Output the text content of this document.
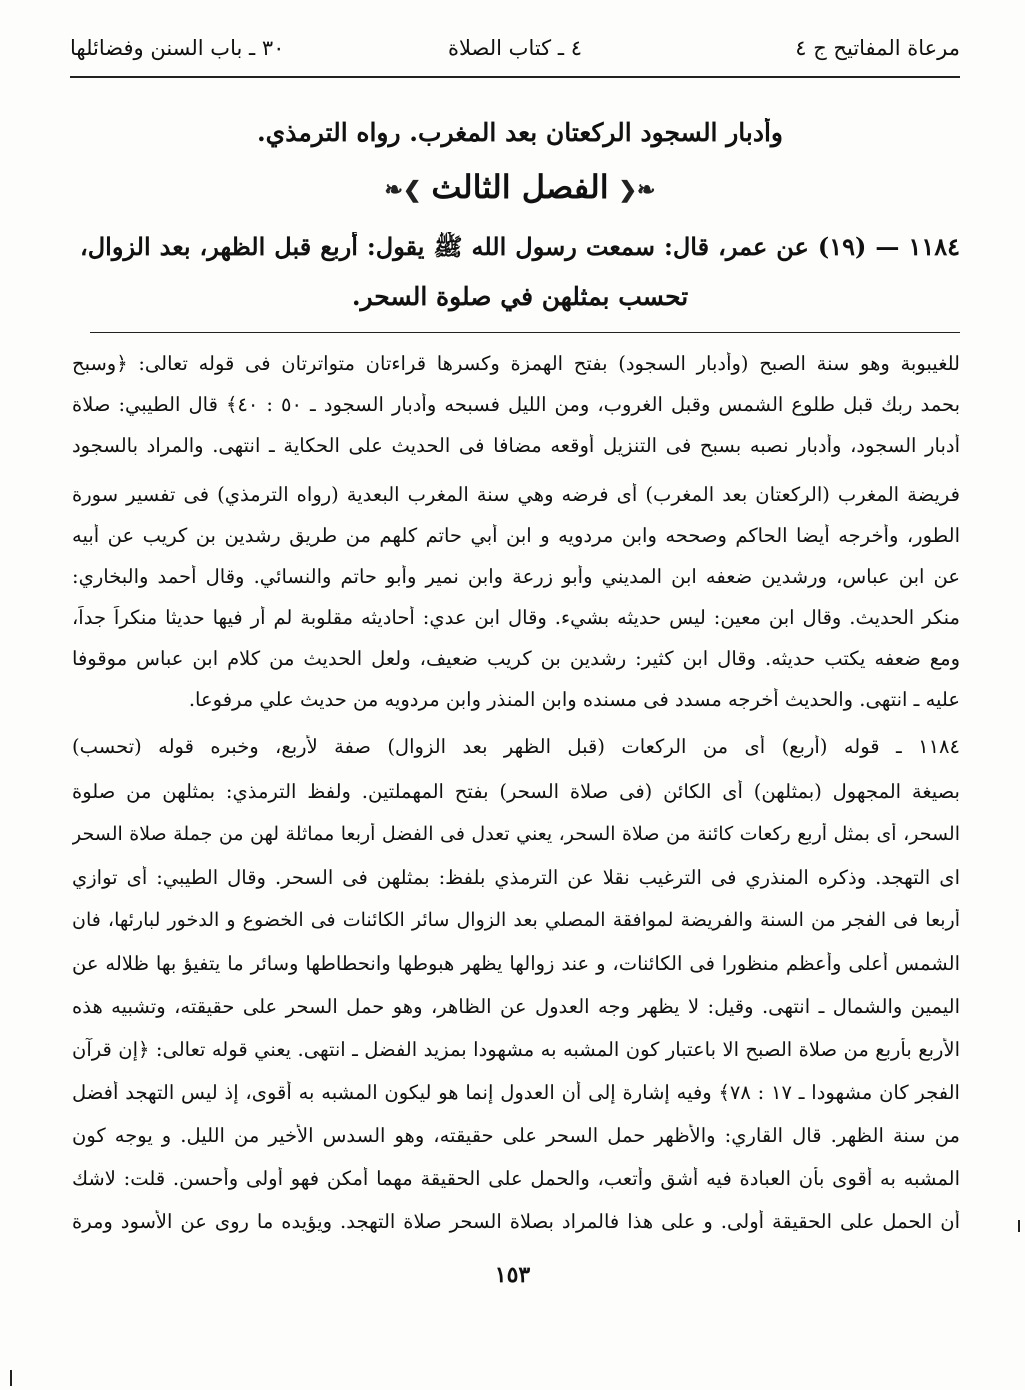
مرعاة المفاتيح ج ٤
٤ ـ كتاب الصلاة
٣٠ ـ باب السنن وفضائلها
وأدبار السجود الركعتان بعد المغرب. رواه الترمذي.
❧❮الفصل الثالث❯❧
١١٨٤ — (١٩) عن عمر، قال: سمعت رسول الله ﷺ يقول: أربع قبل الظهر، بعد الزوال،
تحسب بمثلهن في صلوة السحر.
للغيبوبة وهو سنة الصبح (وأدبار السجود) بفتح الهمزة وكسرها قراءتان متواترتان فى قوله تعالى: ﴿وسبح
بحمد ربك قبل طلوع الشمس وقبل الغروب، ومن الليل فسبحه وأدبار السجود ـ ٥٠ : ٤٠﴾ قال الطيبي: صلاة
أدبار السجود، وأدبار نصبه بسبح فى التنزيل أوقعه مضافا فى الحديث على الحكاية ـ انتهى. والمراد بالسجود
فريضة المغرب (الركعتان بعد المغرب) أى فرضه وهي سنة المغرب البعدية (رواه الترمذي) فى تفسير سورة
الطور، وأخرجه أيضا الحاكم وصححه وابن مردويه و ابن أبي حاتم كلهم من طريق رشدين بن كريب عن أبيه
عن ابن عباس، ورشدين ضعفه ابن المديني وأبو زرعة وابن نمير وأبو حاتم والنسائي. وقال أحمد والبخاري:
منكر الحديث. وقال ابن معين: ليس حديثه بشيء. وقال ابن عدي: أحاديثه مقلوبة لم أر فيها حديثا منكراً جداً،
ومع ضعفه يكتب حديثه. وقال ابن كثير: رشدين بن كريب ضعيف، ولعل الحديث من كلام ابن عباس موقوفا
عليه ـ انتهى. والحديث أخرجه مسدد فى مسنده وابن المنذر وابن مردويه من حديث علي مرفوعا.
١١٨٤ ـ قوله (أربع) أى من الركعات (قبل الظهر بعد الزوال) صفة لأربع، وخبره قوله (تحسب)
بصيغة المجهول (بمثلهن) أى الكائن (فى صلاة السحر) بفتح المهملتين. ولفظ الترمذي: بمثلهن من صلوة
السحر، أى بمثل أربع ركعات كائنة من صلاة السحر، يعني تعدل فى الفضل أربعا مماثلة لهن من جملة صلاة السحر
اى التهجد. وذكره المنذري فى الترغيب نقلا عن الترمذي بلفظ: بمثلهن فى السحر. وقال الطيبي: أى توازي
أربعا فى الفجر من السنة والفريضة لموافقة المصلي بعد الزوال سائر الكائنات فى الخضوع و الدخور لبارئها، فان
الشمس أعلى وأعظم منظورا فى الكائنات، و عند زوالها يظهر هبوطها وانحطاطها وسائر ما يتفيؤ بها ظلاله عن
اليمين والشمال ـ انتهى. وقيل: لا يظهر وجه العدول عن الظاهر، وهو حمل السحر على حقيقته، وتشبيه هذه
الأربع بأربع من صلاة الصبح الا باعتبار كون المشبه به مشهودا بمزيد الفضل ـ انتهى. يعني قوله تعالى: ﴿إن قرآن
الفجر كان مشهودا ـ ١٧ : ٧٨﴾ وفيه إشارة إلى أن العدول إنما هو ليكون المشبه به أقوى، إذ ليس التهجد أفضل
من سنة الظهر. قال القاري: والأظهر حمل السحر على حقيقته، وهو السدس الأخير من الليل. و يوجه كون
المشبه به أقوى بأن العبادة فيه أشق وأتعب، والحمل على الحقيقة مهما أمكن فهو أولى وأحسن. قلت: لاشك
أن الحمل على الحقيقة أولى. و على هذا فالمراد بصلاة السحر صلاة التهجد. ويؤيده ما روى عن الأسود ومرة
١٥٣
